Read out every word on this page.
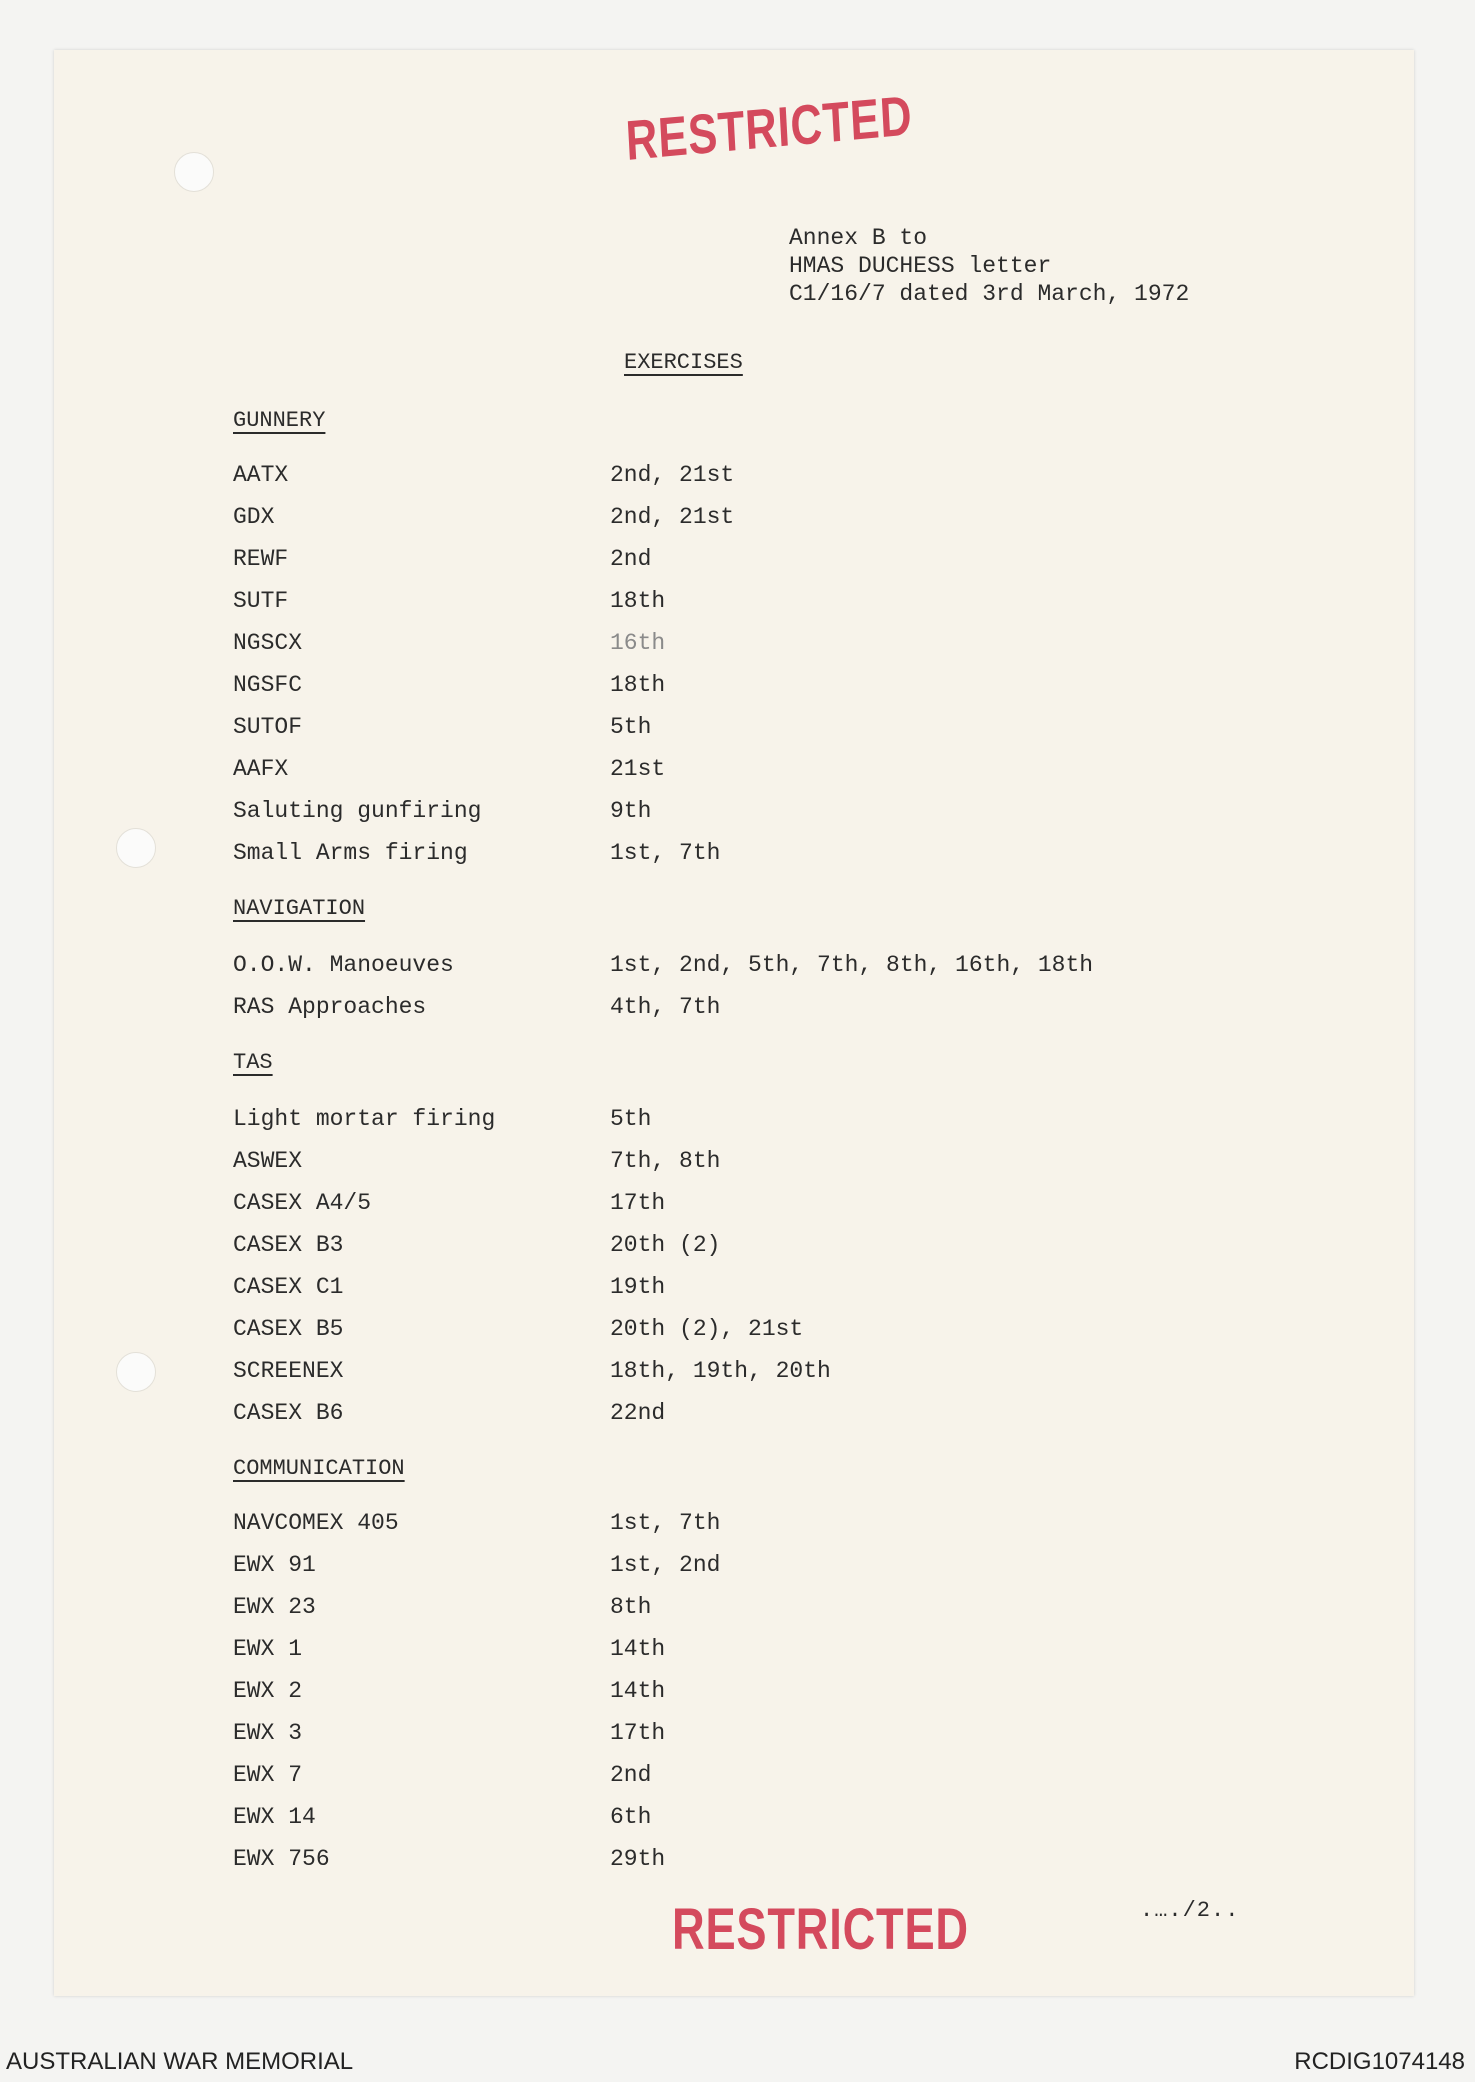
RESTRICTED
Annex B to
HMAS DUCHESS letter
C1/16/7 dated 3rd March, 1972
EXERCISES
GUNNERY
AATX	2nd, 21st
GDX	2nd, 21st
REWF	2nd
SUTF	18th
NGSCX	16th
NGSFC	18th
SUTOF	5th
AAFX	21st
Saluting gunfiring	9th
Small Arms firing	1st, 7th
NAVIGATION
O.O.W. Manoeuves	1st, 2nd, 5th, 7th, 8th, 16th, 18th
RAS Approaches	4th, 7th
TAS
Light mortar firing	5th
ASWEX	7th, 8th
CASEX A4/5	17th
CASEX B3	20th (2)
CASEX C1	19th
CASEX B5	20th (2), 21st
SCREENEX	18th, 19th, 20th
CASEX B6	22nd
COMMUNICATION
NAVCOMEX 405	1st, 7th
EWX 91	1st, 2nd
EWX 23	8th
EWX 1	14th
EWX 2	14th
EWX 3	17th
EWX 7	2nd
EWX 14	6th
EWX 756	29th
RESTRICTED	.…./2..
AUSTRALIAN WAR MEMORIAL	RCDIG1074148
